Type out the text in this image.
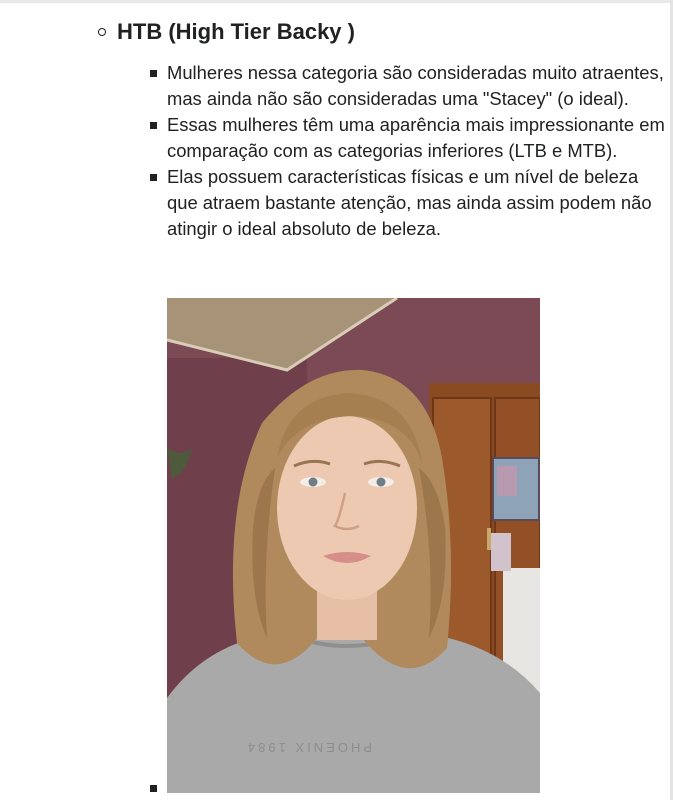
HTB (High Tier Backy )
Mulheres nessa categoria são consideradas muito atraentes, mas ainda não são consideradas uma "Stacey" (o ideal).
Essas mulheres têm uma aparência mais impressionante em comparação com as categorias inferiores (LTB e MTB).
Elas possuem características físicas e um nível de beleza que atraem bastante atenção, mas ainda assim podem não atingir o ideal absoluto de beleza.
PHOENIX 1984
